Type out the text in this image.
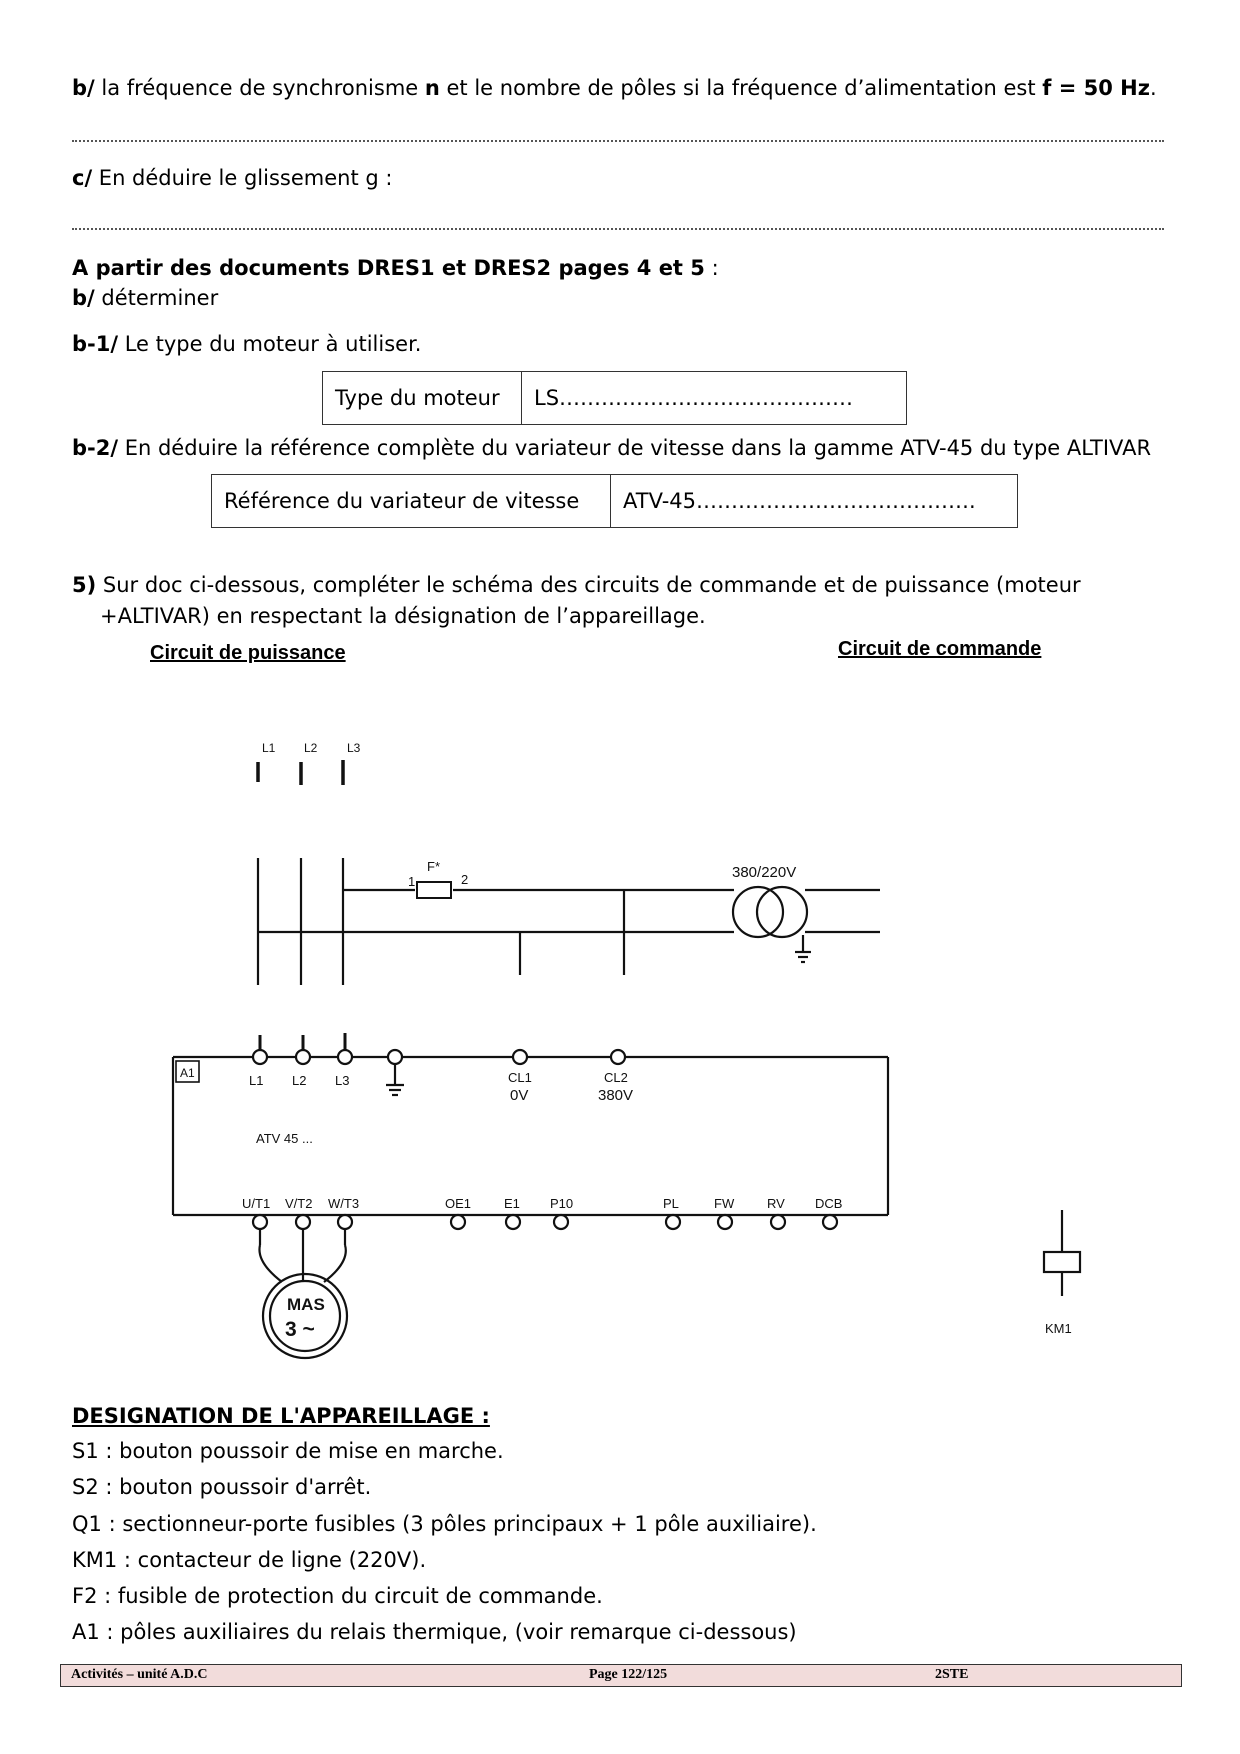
b/ la fréquence de synchronisme n et le nombre de pôles si la fréquence d’alimentation est f = 50 Hz.
c/ En déduire le glissement g :
A partir des documents DRES1 et DRES2 pages 4 et 5 :
b/ déterminer
b-1/ Le type du moteur à utiliser.
Type du moteur	LS……………………………………
b-2/ En déduire la référence complète du variateur de vitesse dans la gamme ATV-45 du type ALTIVAR
Référence du variateur de vitesse	ATV-45………………………………….
5) Sur doc ci-dessous, compléter le schéma des circuits de commande et de puissance (moteur
+ALTIVAR) en respectant la désignation de l’appareillage.
Circuit de puissance	Circuit de commande
L1 L2 L3
F*
1	2	380/220V
A1	L1 L2 L3	CL1
0V
CL2
380V
ATV 45 ...
U/T1 V/T2 W/T3	OE1	E1 P10	PL	FW	RV DCB
MAS
3 ~	KM1
DESIGNATION DE L'APPAREILLAGE :
S1 : bouton poussoir de mise en marche.
S2 : bouton poussoir d'arrêt.
Q1 : sectionneur-porte fusibles (3 pôles principaux + 1 pôle auxiliaire).
KM1 : contacteur de ligne (220V).
F2 : fusible de protection du circuit de commande.
A1 : pôles auxiliaires du relais thermique, (voir remarque ci-dessous)
Activités – unité A.D.C	Page 122/125	2STE
